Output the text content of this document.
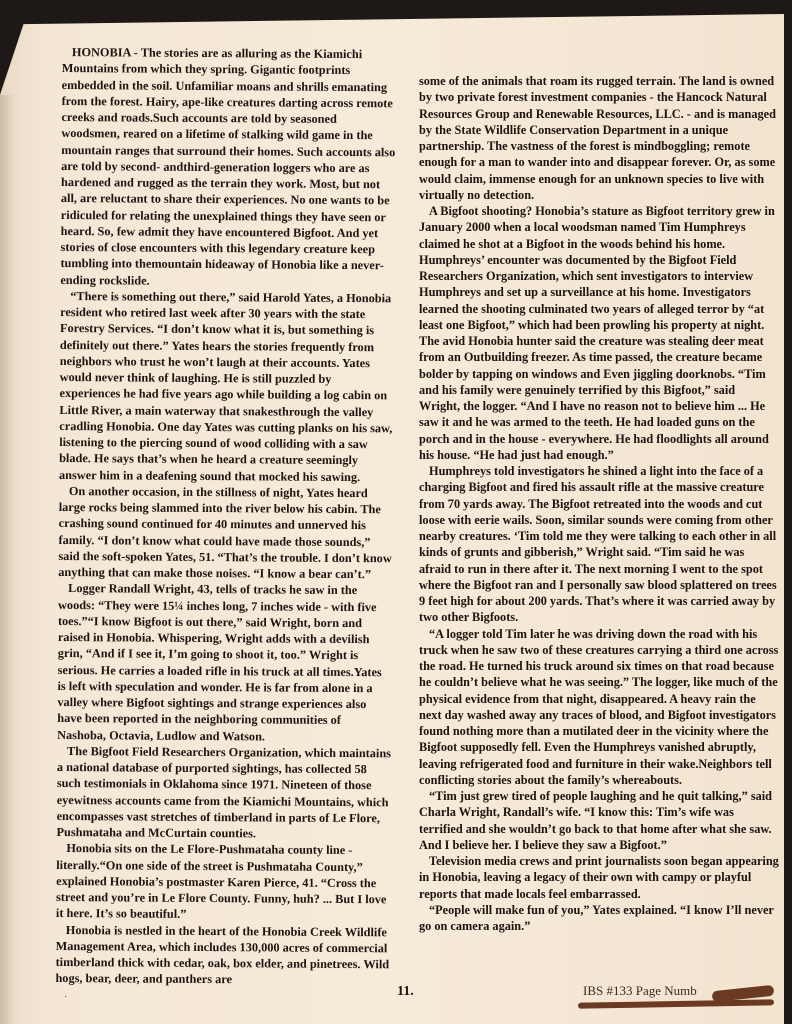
HONOBIA - The stories are as alluring as the Kiamichi Mountains from which they spring. Gigantic footprints embedded in the soil. Unfamiliar moans and shrills emanating from the forest. Hairy, ape-like creatures darting across remote creeks and roads.Such accounts are told by seasoned woodsmen, reared on a lifetime of stalking wild game in the mountain ranges that surround their homes. Such accounts also are told by second- andthird-generation loggers who are as hardened and rugged as the terrain they work. Most, but not all, are reluctant to share their experiences. No one wants to be ridiculed for relating the unexplained things they have seen or heard. So, few admit they have encountered Bigfoot. And yet stories of close encounters with this legendary creature keep tumbling into themountain hideaway of Honobia like a never-ending rockslide.

“There is something out there,” said Harold Yates, a Honobia resident who retired last week after 30 years with the state Forestry Services. “I don’t know what it is, but something is definitely out there.” Yates hears the stories frequently from neighbors who trust he won’t laugh at their accounts. Yates would never think of laughing. He is still puzzled by experiences he had five years ago while building a log cabin on Little River, a main waterway that snakesthrough the valley cradling Honobia. One day Yates was cutting planks on his saw, listening to the piercing sound of wood colliding with a saw blade. He says that’s when he heard a creature seemingly answer him in a deafening sound that mocked his sawing.

On another occasion, in the stillness of night, Yates heard large rocks being slammed into the river below his cabin. The crashing sound continued for 40 minutes and unnerved his family. “I don’t know what could have made those sounds,” said the soft-spoken Yates, 51. “That’s the trouble. I don’t know anything that can make those noises. “I know a bear can’t.”

Logger Randall Wright, 43, tells of tracks he saw in the woods: “They were 15¼ inches long, 7 inches wide - with five toes.”“I know Bigfoot is out there,” said Wright, born and raised in Honobia. Whispering, Wright adds with a devilish grin, “And if I see it, I’m going to shoot it, too.” Wright is serious. He carries a loaded rifle in his truck at all times.Yates is left with speculation and wonder. He is far from alone in a valley where Bigfoot sightings and strange experiences also have been reported in the neighboring communities of Nashoba, Octavia, Ludlow and Watson.

The Bigfoot Field Researchers Organization, which maintains a national database of purported sightings, has collected 58 such testimonials in Oklahoma since 1971. Nineteen of those eyewitness accounts came from the Kiamichi Mountains, which encompasses vast stretches of timberland in parts of Le Flore, Pushmataha and McCurtain counties.

Honobia sits on the Le Flore-Pushmataha county line - literally.“On one side of the street is Pushmataha County,” explained Honobia’s postmaster Karen Pierce, 41. “Cross the street and you’re in Le Flore County. Funny, huh? ... But I love it here. It’s so beautiful.”

Honobia is nestled in the heart of the Honobia Creek Wildlife Management Area, which includes 130,000 acres of commercial timberland thick with cedar, oak, box elder, and pinetrees. Wild hogs, bear, deer, and panthers are

some of the animals that roam its rugged terrain. The land is owned by two private forest investment companies - the Hancock Natural Resources Group and Renewable Resources, LLC. - and is managed by the State Wildlife Conservation Department in a unique partnership. The vastness of the forest is mindboggling; remote enough for a man to wander into and disappear forever. Or, as some would claim, immense enough for an unknown species to live with virtually no detection.

A Bigfoot shooting? Honobia’s stature as Bigfoot territory grew in January 2000 when a local woodsman named Tim Humphreys claimed he shot at a Bigfoot in the woods behind his home. Humphreys’ encounter was documented by the Bigfoot Field Researchers Organization, which sent investigators to interview Humphreys and set up a surveillance at his home. Investigators learned the shooting culminated two years of alleged terror by “at least one Bigfoot,” which had been prowling his property at night. The avid Honobia hunter said the creature was stealing deer meat from an Outbuilding freezer. As time passed, the creature became bolder by tapping on windows and Even jiggling doorknobs. “Tim and his family were genuinely terrified by this Bigfoot,” said Wright, the logger. “And I have no reason not to believe him ... He saw it and he was armed to the teeth. He had loaded guns on the porch and in the house - everywhere. He had floodlights all around his house. “He had just had enough.”

Humphreys told investigators he shined a light into the face of a charging Bigfoot and fired his assault rifle at the massive creature from 70 yards away. The Bigfoot retreated into the woods and cut loose with eerie wails. Soon, similar sounds were coming from other nearby creatures. ‘Tim told me they were talking to each other in all kinds of grunts and gibberish,” Wright said. “Tim said he was afraid to run in there after it. The next morning I went to the spot where the Bigfoot ran and I personally saw blood splattered on trees 9 feet high for about 200 yards. That’s where it was carried away by two other Bigfoots.

“A logger told Tim later he was driving down the road with his truck when he saw two of these creatures carrying a third one across the road. He turned his truck around six times on that road because he couldn’t believe what he was seeing.” The logger, like much of the physical evidence from that night, disappeared. A heavy rain the next day washed away any traces of blood, and Bigfoot investigators found nothing more than a mutilated deer in the vicinity where the Bigfoot supposedly fell. Even the Humphreys vanished abruptly, leaving refrigerated food and furniture in their wake.Neighbors tell conflicting stories about the family’s whereabouts.

“Tim just grew tired of people laughing and he quit talking,” said Charla Wright, Randall’s wife. “I know this: Tim’s wife was terrified and she wouldn’t go back to that home after what she saw. And I believe her. I believe they saw a Bigfoot.”

Television media crews and print journalists soon began appearing in Honobia, leaving a legacy of their own with campy or playful reports that made locals feel embarrassed.

“People will make fun of you,” Yates explained. “I know I’ll never go on camera again.”

·	11.	IBS #133 Page Numb
